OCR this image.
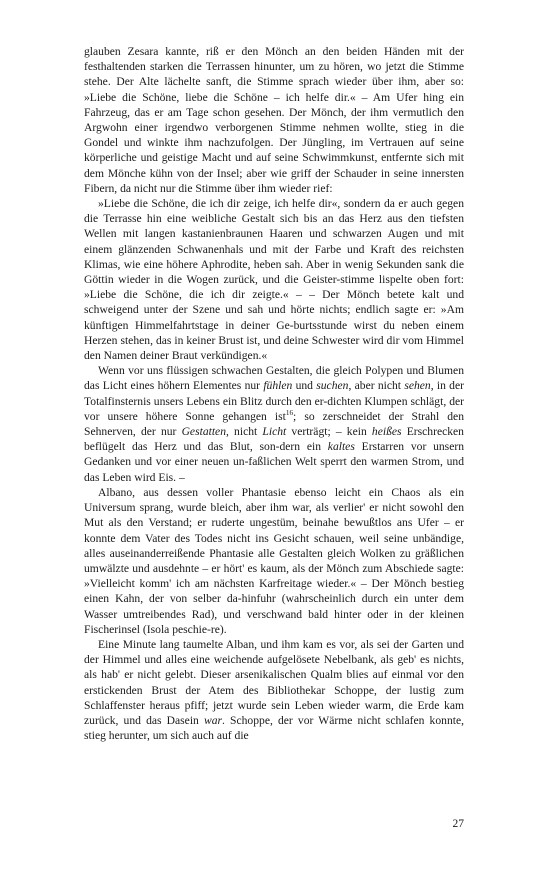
glauben Zesara kannte, riß er den Mönch an den beiden Händen mit der festhaltenden starken die Terrassen hinunter, um zu hören, wo jetzt die Stimme stehe. Der Alte lächelte sanft, die Stimme sprach wieder über ihm, aber so: »Liebe die Schöne, liebe die Schöne – ich helfe dir.« – Am Ufer hing ein Fahrzeug, das er am Tage schon gesehen. Der Mönch, der ihm vermutlich den Argwohn einer irgendwo verborgenen Stimme nehmen wollte, stieg in die Gondel und winkte ihm nachzufolgen. Der Jüngling, im Vertrauen auf seine körperliche und geistige Macht und auf seine Schwimmkunst, entfernte sich mit dem Mönche kühn von der Insel; aber wie griff der Schauder in seine innersten Fibern, da nicht nur die Stimme über ihm wieder rief:

»Liebe die Schöne, die ich dir zeige, ich helfe dir«, sondern da er auch gegen die Terrasse hin eine weibliche Gestalt sich bis an das Herz aus den tiefsten Wellen mit langen kastanienbraunen Haaren und schwarzen Augen und mit einem glänzenden Schwanenhals und mit der Farbe und Kraft des reichsten Klimas, wie eine höhere Aphrodite, heben sah. Aber in wenig Sekunden sank die Göttin wieder in die Wogen zurück, und die Geister-stimme lispelte oben fort: »Liebe die Schöne, die ich dir zeigte.« – – Der Mönch betete kalt und schweigend unter der Szene und sah und hörte nichts; endlich sagte er: »Am künftigen Himmelfahrtstage in deiner Ge-burtsstunde wirst du neben einem Herzen stehen, das in keiner Brust ist, und deine Schwester wird dir vom Himmel den Namen deiner Braut verkündigen.«

Wenn vor uns flüssigen schwachen Gestalten, die gleich Polypen und Blumen das Licht eines höhern Elementes nur fühlen und suchen, aber nicht sehen, in der Totalfinsternis unsers Lebens ein Blitz durch den er-dichten Klumpen schlägt, der vor unsere höhere Sonne gehangen ist$^{16}$; so zerschneidet der Strahl den Sehnerven, der nur Gestatten, nicht Licht verträgt; – kein heißes Erschrecken beflügelt das Herz und das Blut, son-dern ein kaltes Erstarren vor unsern Gedanken und vor einer neuen un-faßlichen Welt sperrt den warmen Strom, und das Leben wird Eis. –

Albano, aus dessen voller Phantasie ebenso leicht ein Chaos als ein Universum sprang, wurde bleich, aber ihm war, als verlier' er nicht sowohl den Mut als den Verstand; er ruderte ungestüm, beinahe bewußtlos ans Ufer – er konnte dem Vater des Todes nicht ins Gesicht schauen, weil seine unbändige, alles auseinanderreißende Phantasie alle Gestalten gleich Wolken zu gräßlichen umwälzte und ausdehnte – er hört' es kaum, als der Mönch zum Abschiede sagte: »Vielleicht komm' ich am nächsten Karfreitage wieder.« – Der Mönch bestieg einen Kahn, der von selber da-hinfuhr (wahrscheinlich durch ein unter dem Wasser umtreibendes Rad), und verschwand bald hinter oder in der kleinen Fischerinsel (Isola peschie-re).

Eine Minute lang taumelte Alban, und ihm kam es vor, als sei der Garten und der Himmel und alles eine weichende aufgelösete Nebelbank, als geb' es nichts, als hab' er nicht gelebt. Dieser arsenikalischen Qualm blies auf einmal vor den erstickenden Brust der Atem des Bibliothekar Schoppe, der lustig zum Schlaffenster heraus pfiff; jetzt wurde sein Leben wieder warm, die Erde kam zurück, und das Dasein war. Schoppe, der vor Wärme nicht schlafen konnte, stieg herunter, um sich auch auf die

27
